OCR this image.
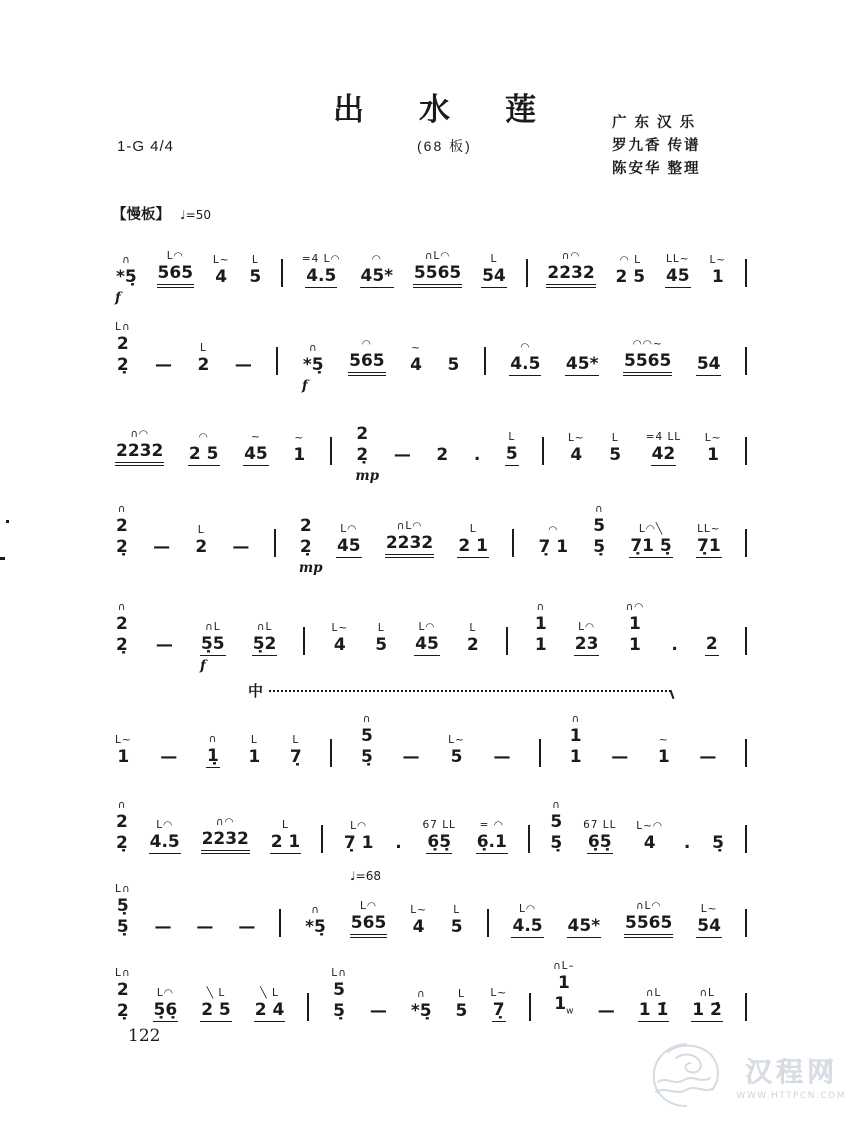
出水莲
(68 板)
1-G 4/4
广 东 汉 乐
罗九香 传谱
陈安华 整理
【慢板】 ♩=50
♩=68
中
∩
*5̣
f
L◠
565
L~
4
L
5
=4 L◠
4.5
◠
45*
∩L◠
5565
L
54
∩◠
2232
◠ L
2 5
LL~
45
L~
1
L∩
2
2̣ —
L
2 —
∩
*5̣
f
◠
565
~
4 5
◠
4.5 45*
◠◠~
5565 54
∩◠
2232
◠
2 5
~
45
~
1
2
2̣
mp
— 2 .
L
5
L~
4
L
5
=4 LL
42
L~
1
∩
2
2̣ —
L
2 —
2
2̣
mp
L◠
45
∩L◠
2232
L
2 1
◠
7̣ 1
∩
5
5̣
L◠╲
7̣1 5̣
LL~
7̣1
∩
2
2̣ —
∩L
5̣5
f
∩L
5̣2
L~
4
L
5
L◠
45
L
2
∩
1
1
L◠
23
∩◠
1
1 . 2
L~
1 —
∩
1̣
L
1
L
7̣
∩
5
5̣ —
L~
5 —
∩
1
1 —
~
1 —
∩
2
2̣
L◠
4.5
∩◠
2232
L
2 1
L◠
7̣ 1 .
67 LL
6̣5̣
= ◠
6̣.1
∩
5
5̣
67 LL
6̣5̣
L~◠
4 . 5̣
L∩
5̣
5̣ — — —
∩
*5̣
L◠
565
L~
4
L
5
L◠
4.5 45*
∩L◠
5565
L~
54
L∩
2
2̣
L◠
5̣6̣
╲ L
2 5
╲ L
2 4
L∩
5
5̣ —
∩
*5̣
L
5
L~
7̣
∩L–
1
$1_w$ —
∩L
1 1̇
∩L
1 2̇
122
汉程网
WWW.HTTPCN.COM
